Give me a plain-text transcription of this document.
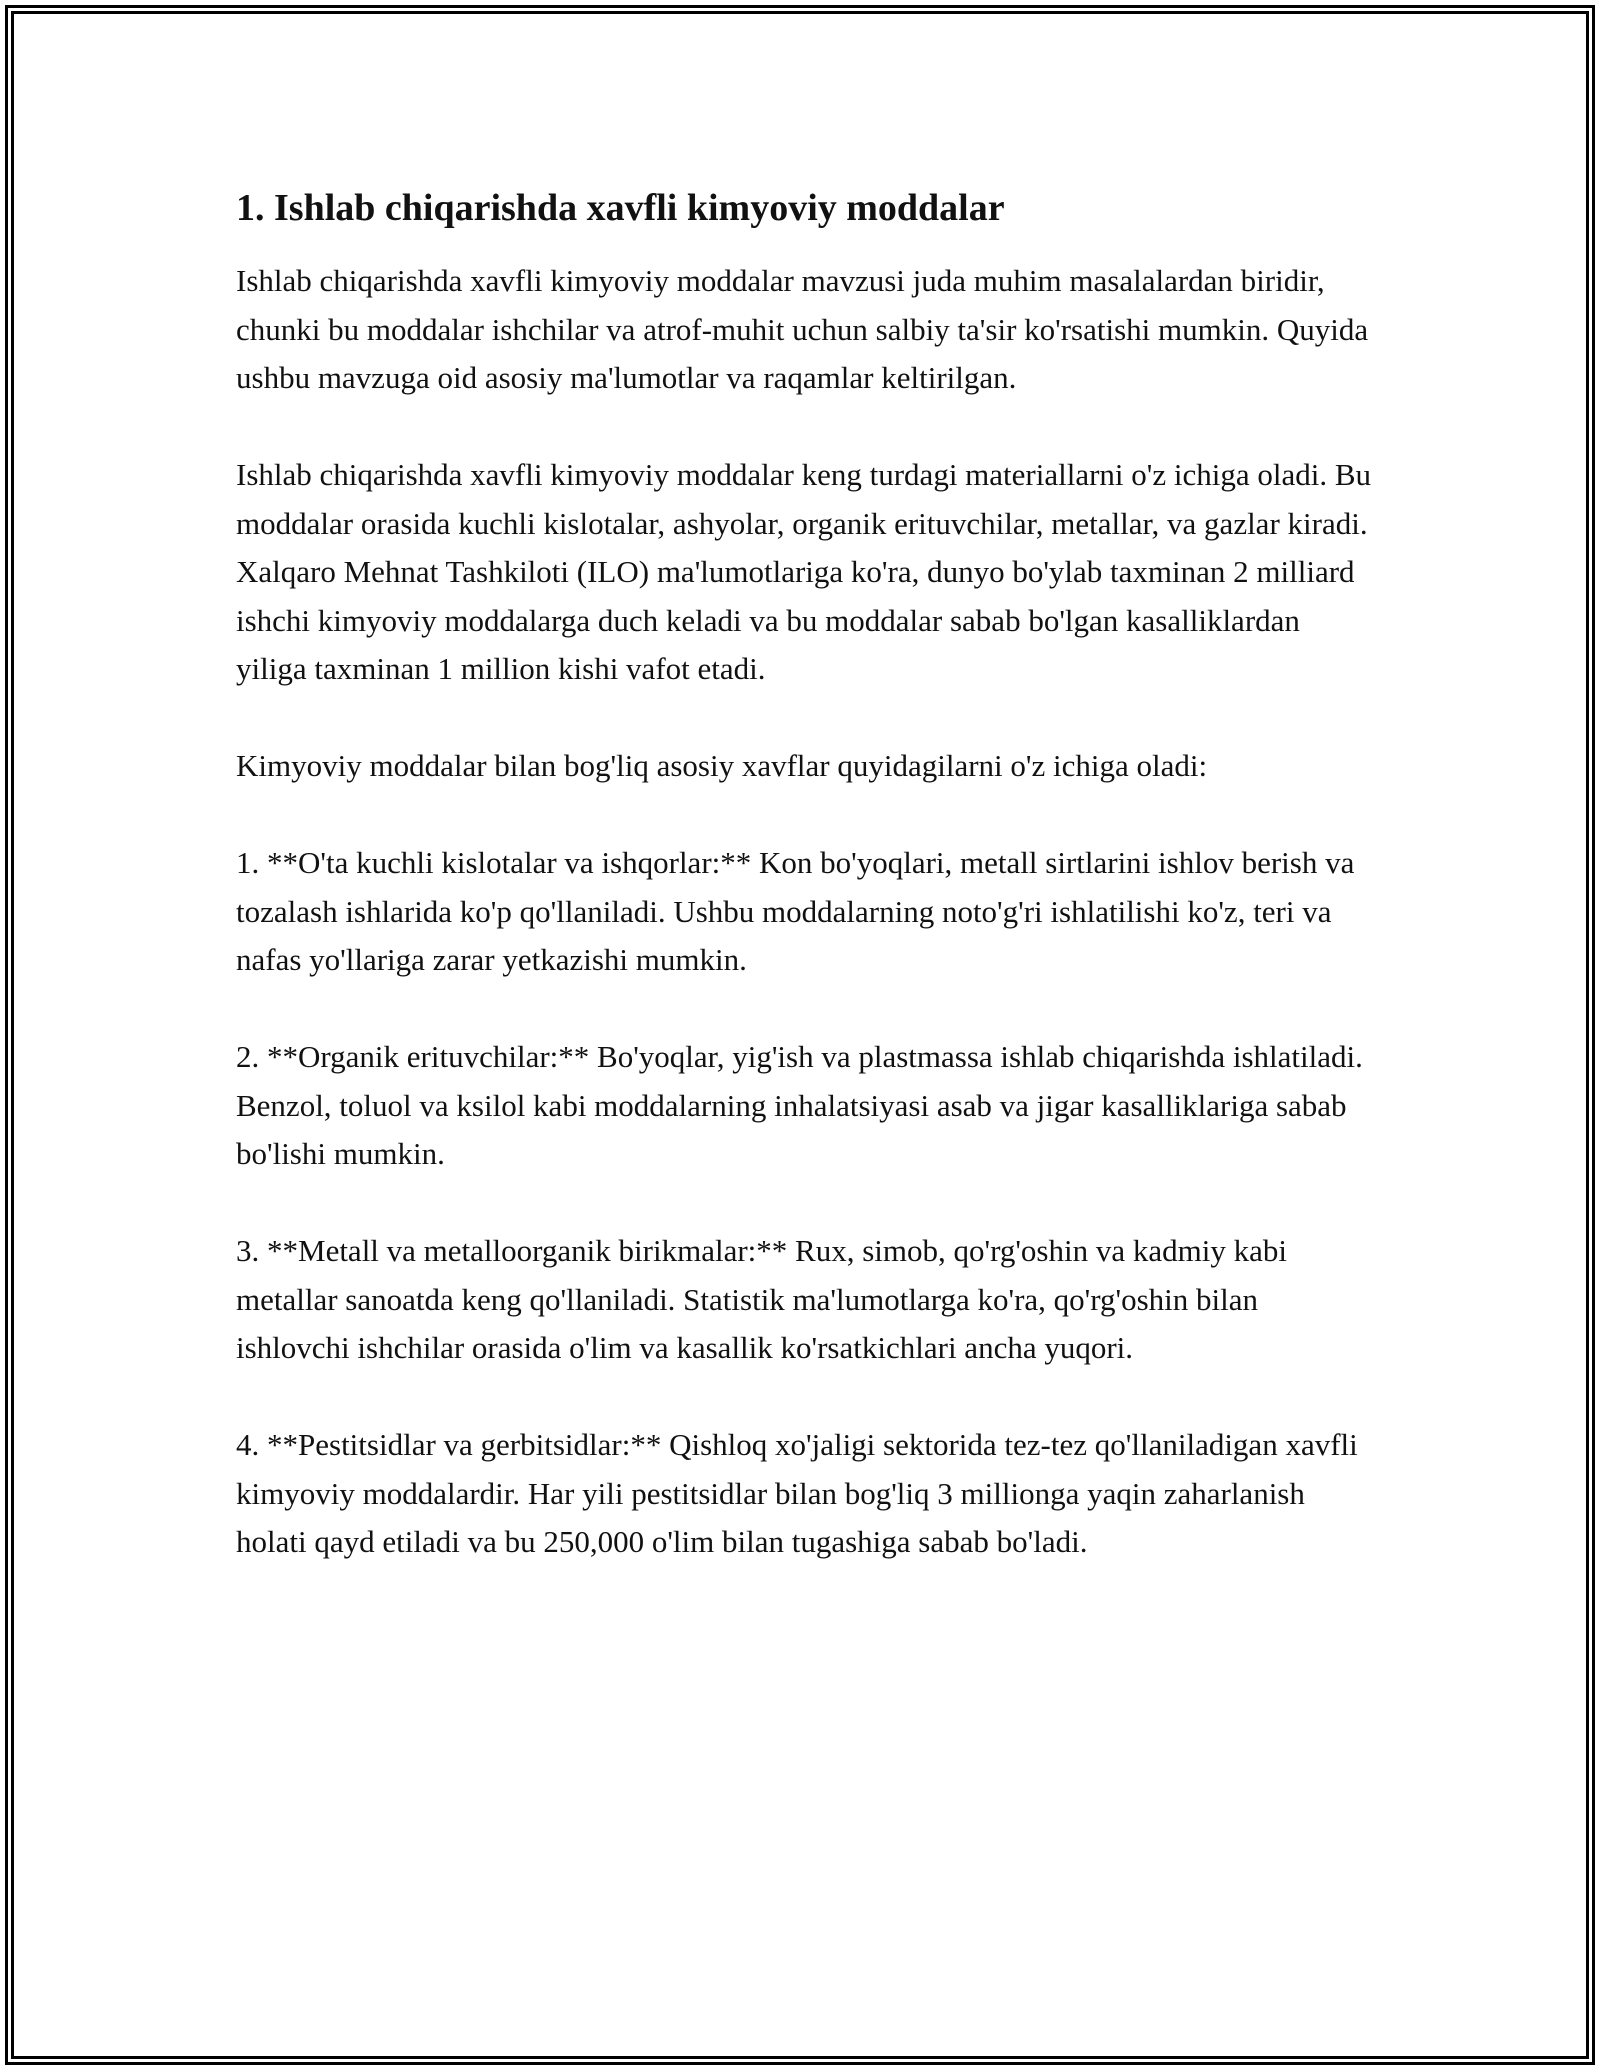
1. Ishlab chiqarishda xavfli kimyoviy moddalar

Ishlab chiqarishda xavfli kimyoviy moddalar mavzusi juda muhim masalalardan biridir, chunki bu moddalar ishchilar va atrof-muhit uchun salbiy ta'sir ko'rsatishi mumkin. Quyida ushbu mavzuga oid asosiy ma'lumotlar va raqamlar keltirilgan.

Ishlab chiqarishda xavfli kimyoviy moddalar keng turdagi materiallarni o'z ichiga oladi. Bu moddalar orasida kuchli kislotalar, ashyolar, organik erituvchilar, metallar, va gazlar kiradi. Xalqaro Mehnat Tashkiloti (ILO) ma'lumotlariga ko'ra, dunyo bo'ylab taxminan 2 milliard ishchi kimyoviy moddalarga duch keladi va bu moddalar sabab bo'lgan kasalliklardan yiliga taxminan 1 million kishi vafot etadi.

Kimyoviy moddalar bilan bog'liq asosiy xavflar quyidagilarni o'z ichiga oladi:

1. **O'ta kuchli kislotalar va ishqorlar:** Kon bo'yoqlari, metall sirtlarini ishlov berish va tozalash ishlarida ko'p qo'llaniladi. Ushbu moddalarning noto'g'ri ishlatilishi ko'z, teri va nafas yo'llariga zarar yetkazishi mumkin.

2. **Organik erituvchilar:** Bo'yoqlar, yig'ish va plastmassa ishlab chiqarishda ishlatiladi. Benzol, toluol va ksilol kabi moddalarning inhalatsiyasi asab va jigar kasalliklariga sabab bo'lishi mumkin.

3. **Metall va metalloorganik birikmalar:** Rux, simob, qo'rg'oshin va kadmiy kabi metallar sanoatda keng qo'llaniladi. Statistik ma'lumotlarga ko'ra, qo'rg'oshin bilan ishlovchi ishchilar orasida o'lim va kasallik ko'rsatkichlari ancha yuqori.

4. **Pestitsidlar va gerbitsidlar:** Qishloq xo'jaligi sektorida tez-tez qo'llaniladigan xavfli kimyoviy moddalardir. Har yili pestitsidlar bilan bog'liq 3 millionga yaqin zaharlanish holati qayd etiladi va bu 250,000 o'lim bilan tugashiga sabab bo'ladi.
